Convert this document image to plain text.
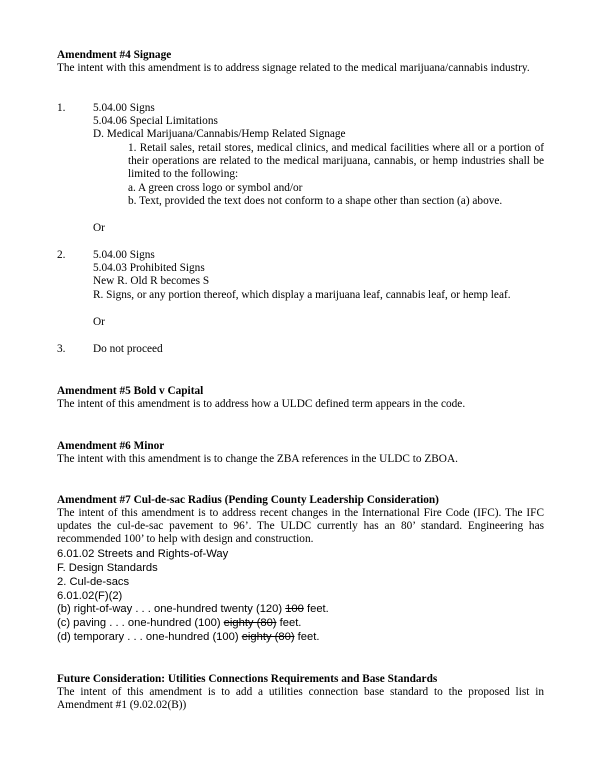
Amendment #4 Signage
The intent with this amendment is to address signage related to the medical marijuana/cannabis industry.
1. 5.04.00 Signs
5.04.06 Special Limitations
D. Medical Marijuana/Cannabis/Hemp Related Signage
1. Retail sales, retail stores, medical clinics, and medical facilities where all or a portion of their operations are related to the medical marijuana, cannabis, or hemp industries shall be limited to the following:
a. A green cross logo or symbol and/or
b. Text, provided the text does not conform to a shape other than section (a) above.
Or
2. 5.04.00 Signs
5.04.03 Prohibited Signs
New R. Old R becomes S
R. Signs, or any portion thereof, which display a marijuana leaf, cannabis leaf, or hemp leaf.
Or
3. Do not proceed
Amendment #5 Bold v Capital
The intent of this amendment is to address how a ULDC defined term appears in the code.
Amendment #6 Minor
The intent with this amendment is to change the ZBA references in the ULDC to ZBOA.
Amendment #7 Cul-de-sac Radius (Pending County Leadership Consideration)
The intent of this amendment is to address recent changes in the International Fire Code (IFC). The IFC updates the cul-de-sac pavement to 96’. The ULDC currently has an 80’ standard. Engineering has recommended 100’ to help with design and construction.
6.01.02 Streets and Rights-of-Way
F. Design Standards
2. Cul-de-sacs
6.01.02(F)(2)
(b) right-of-way . . . one-hundred twenty (120) 100 feet.
(c) paving . . . one-hundred (100) eighty (80) feet.
(d) temporary . . . one-hundred (100) eighty (80) feet.
Future Consideration: Utilities Connections Requirements and Base Standards
The intent of this amendment is to add a utilities connection base standard to the proposed list in Amendment #1 (9.02.02(B))
